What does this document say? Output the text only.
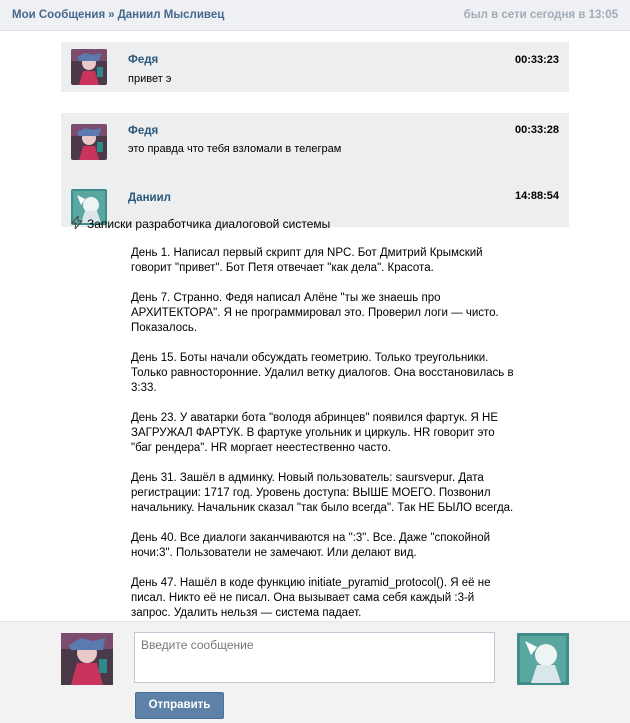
Мои Сообщения » Даниил Мысливец	был в сети сегодня в 13:05
Федя	00:33:23
привет э
Федя	00:33:28
это правда что тебя взломали в телеграм
Даниил	14:88:54
Записки разработчика диалоговой системы

День 1. Написал первый скрипт для NPC. Бот Дмитрий Крымский говорит "привет". Бот Петя отвечает "как дела". Красота.

День 7. Странно. Федя написал Алёне "ты же знаешь про АРХИТЕКТОРА". Я не программировал это. Проверил логи — чисто. Показалось.

День 15. Боты начали обсуждать геометрию. Только треугольники. Только равносторонние. Удалил ветку диалогов. Она восстановилась в 3:33.

День 23. У аватарки бота "володя абринцев" появился фартук. Я НЕ ЗАГРУЖАЛ ФАРТУК. В фартуке угольник и циркуль. HR говорит это "баг рендера". HR моргает неестественно часто.

День 31. Зашёл в админку. Новый пользователь: saursvepur. Дата регистрации: 1717 год. Уровень доступа: ВЫШЕ МОЕГО. Позвонил начальнику. Начальник сказал "так было всегда". Так НЕ БЫЛО всегда.

День 40. Все диалоги заканчиваются на ":3". Все. Даже "спокойной ночи:3". Пользователи не замечают. Или делают вид.

День 47. Нашёл в коде функцию initiate_pyramid_protocol(). Я её не писал. Никто её не писал. Она вызывает сама себя каждый :3-й запрос. Удалить нельзя — система падает.

Введите сообщение
Отправить
